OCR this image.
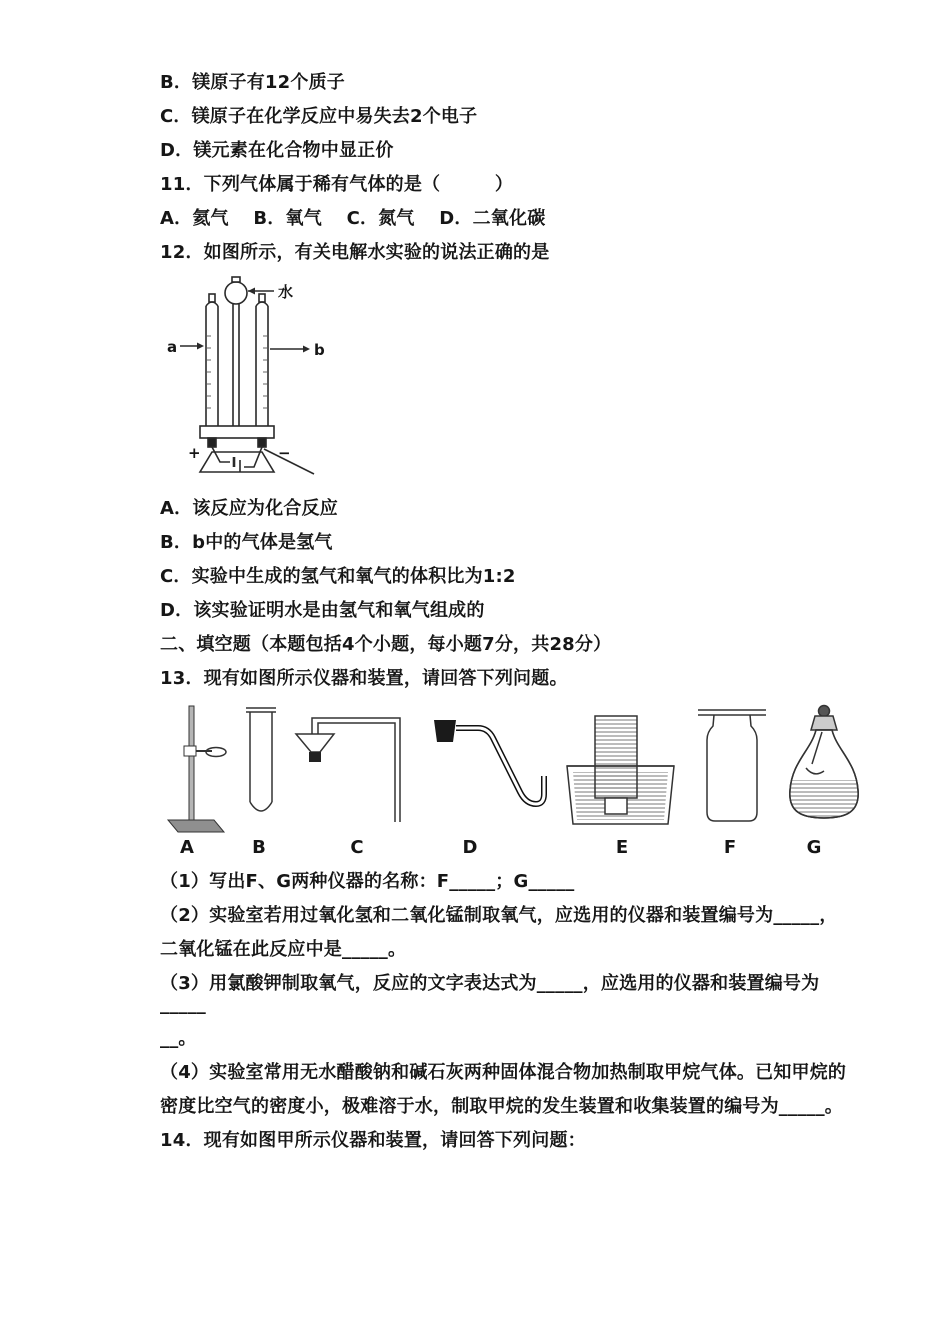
B．镁原子有12个质子

C．镁原子在化学反应中易失去2个电子

D．镁元素在化合物中显正价

11．下列气体属于稀有气体的是（　　　）

A．氦气　 B．氧气　 C．氮气　 D．二氧化碳

12．如图所示，有关电解水实验的说法正确的是

水
a	b
+	−

A．该反应为化合反应

B．b中的气体是氢气

C．实验中生成的氢气和氧气的体积比为1:2

D．该实验证明水是由氢气和氧气组成的

二、填空题（本题包括4个小题，每小题7分，共28分）

13．现有如图所示仪器和装置，请回答下列问题。

A	B	C	D	E	F	G

（1）写出F、G两种仪器的名称：F_____；G_____

（2）实验室若用过氧化氢和二氧化锰制取氧气，应选用的仪器和装置编号为_____，

二氧化锰在此反应中是_____。

（3）用氯酸钾制取氧气，反应的文字表达式为_____，应选用的仪器和装置编号为_____

__。

（4）实验室常用无水醋酸钠和碱石灰两种固体混合物加热制取甲烷气体。已知甲烷的

密度比空气的密度小，极难溶于水，制取甲烷的发生装置和收集装置的编号为_____。

14．现有如图甲所示仪器和装置，请回答下列问题：
